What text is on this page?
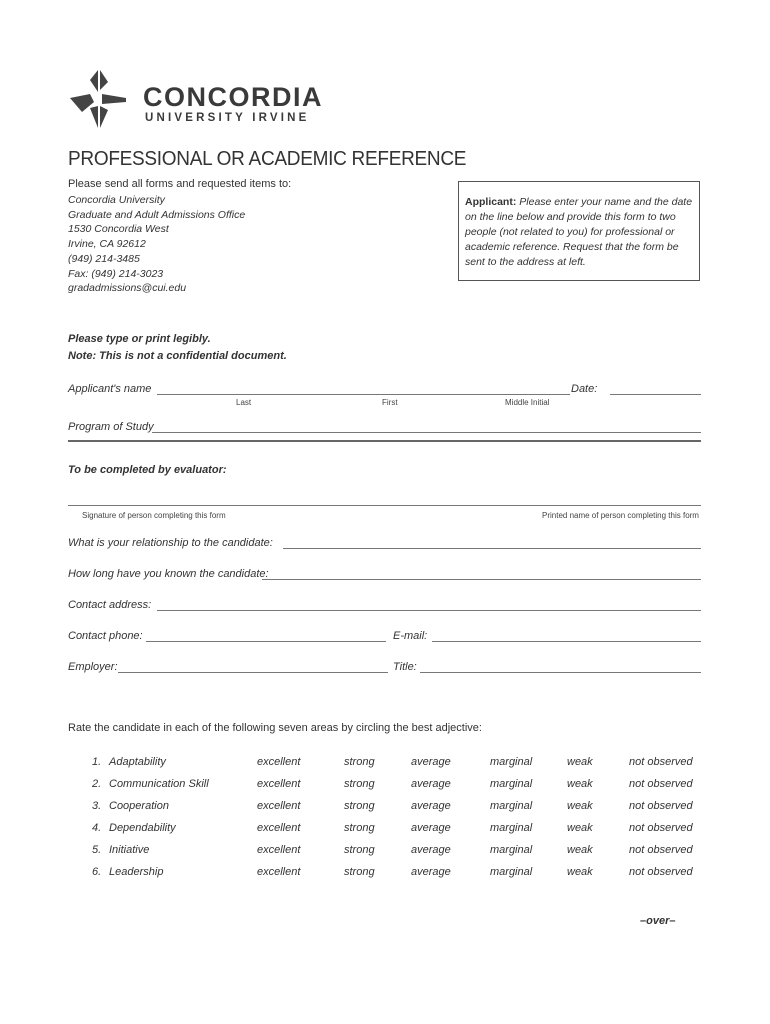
CONCORDIA
UNIVERSITY IRVINE
PROFESSIONAL OR ACADEMIC REFERENCE
Please send all forms and requested items to:
Concordia University
Graduate and Adult Admissions Office
1530 Concordia West
Irvine, CA 92612
(949) 214-3485
Fax: (949) 214-3023
gradadmissions@cui.edu
Applicant: Please enter your name and the date on the line below and provide this form to two people (not related to you) for professional or academic reference. Request that the form be sent to the address at left.
Please type or print legibly.
Note: This is not a confidential document.
Applicant's name
Last	First	Middle Initial
Date:
Program of Study
To be completed by evaluator:
Signature of person completing this form	Printed name of person completing this form
What is your relationship to the candidate:
How long have you known the candidate:
Contact address:
Contact phone:	E-mail:
Employer:	Title:
Rate the candidate in each of the following seven areas by circling the best adjective:
1. Adaptability	excellent	strong	average	marginal	weak	not observed
2. Communication Skill	excellent	strong	average	marginal	weak	not observed
3. Cooperation	excellent	strong	average	marginal	weak	not observed
4. Dependability	excellent	strong	average	marginal	weak	not observed
5. Initiative	excellent	strong	average	marginal	weak	not observed
6. Leadership	excellent	strong	average	marginal	weak	not observed
–over–
